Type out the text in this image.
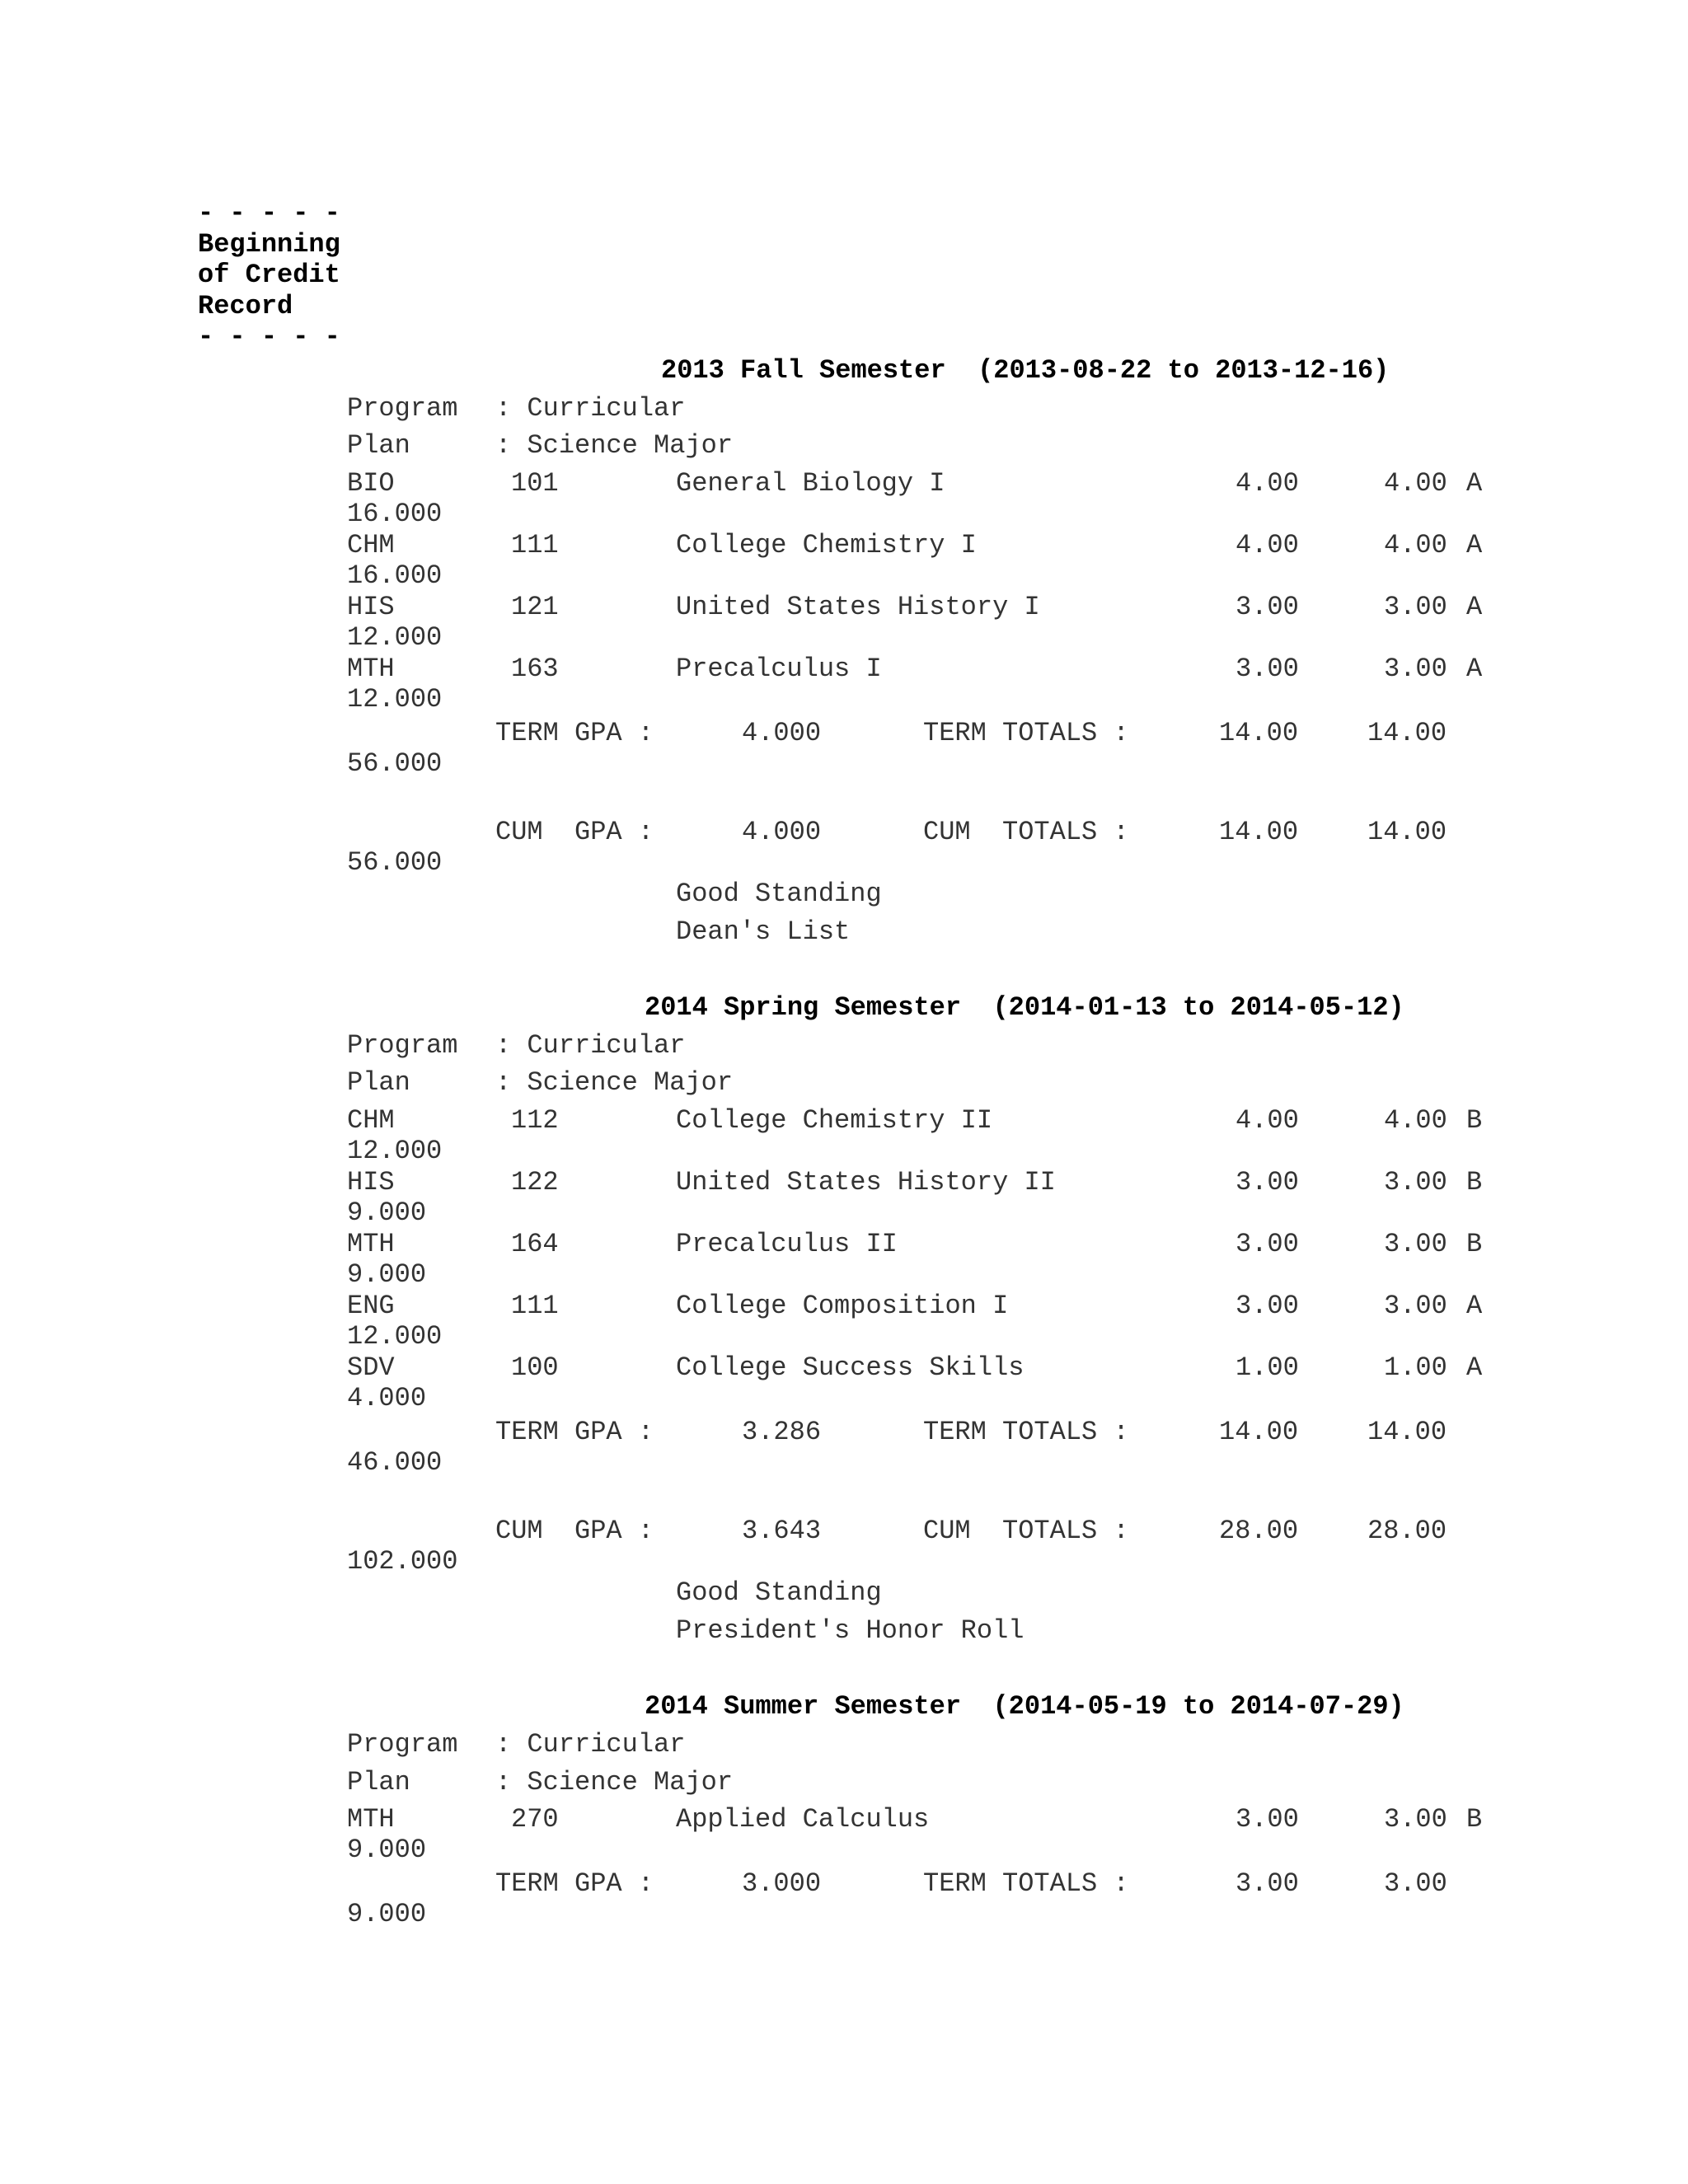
- - - - -
Beginning
of Credit
Record
- - - - -
2013 Fall Semester  (2013-08-22 to 2013-12-16)
Program : Curricular
Plan	: Science Major
BIO	101	General Biology I	4.00	4.00 A
16.000
CHM	111	College Chemistry I	4.00	4.00 A
16.000
HIS	121	United States History I	3.00	3.00 A
12.000
MTH	163	Precalculus I	3.00	3.00 A
12.000
TERM GPA :	4.000	TERM TOTALS :	14.00	14.00
56.000
CUM  GPA :	4.000	CUM  TOTALS :	14.00	14.00
56.000
Good Standing
Dean's List
2014 Spring Semester  (2014-01-13 to 2014-05-12)
Program : Curricular
Plan	: Science Major
CHM	112	College Chemistry II	4.00	4.00 B
12.000
HIS	122	United States History II	3.00	3.00 B
9.000
MTH	164	Precalculus II	3.00	3.00 B
9.000
ENG	111	College Composition I	3.00	3.00 A
12.000
SDV	100	College Success Skills	1.00	1.00 A
4.000
TERM GPA :	3.286	TERM TOTALS :	14.00	14.00
46.000
CUM  GPA :	3.643	CUM  TOTALS :	28.00	28.00
102.000
Good Standing
President's Honor Roll
2014 Summer Semester  (2014-05-19 to 2014-07-29)
Program : Curricular
Plan	: Science Major
MTH	270	Applied Calculus	3.00	3.00 B
9.000
TERM GPA :	3.000	TERM TOTALS :	3.00	3.00
9.000
